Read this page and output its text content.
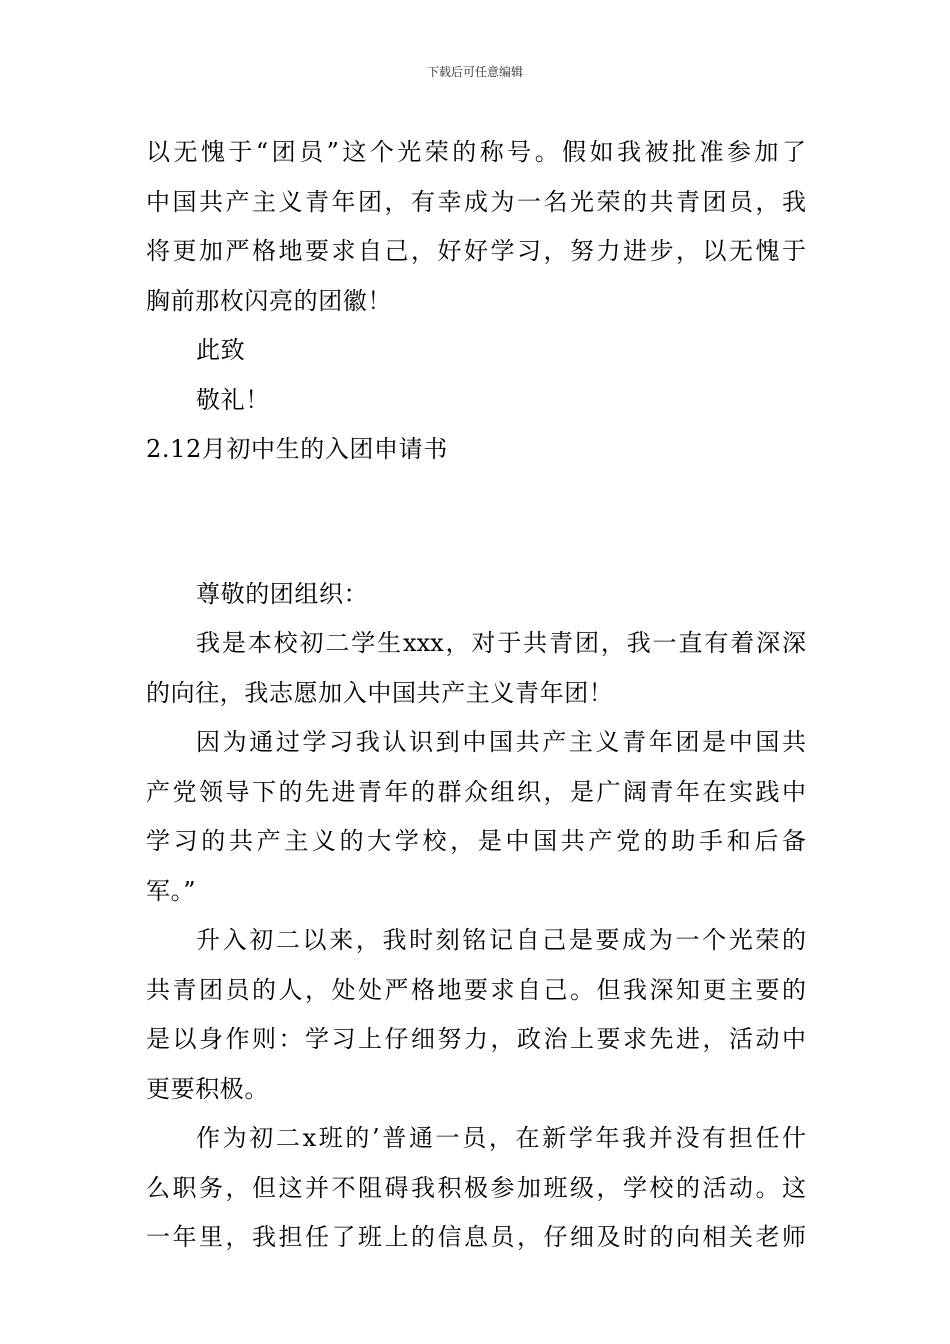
下载后可任意编辑
以无愧于“团员”这个光荣的称号。假如我被批准参加了
中国共产主义青年团，有幸成为一名光荣的共青团员，我
将更加严格地要求自己，好好学习，努力进步，以无愧于
胸前那枚闪亮的团徽！
此致
敬礼！
2.12月初中生的入团申请书
尊敬的团组织：
我是本校初二学生xxx，对于共青团，我一直有着深深
的向往，我志愿加入中国共产主义青年团！
因为通过学习我认识到中国共产主义青年团是中国共
产党领导下的先进青年的群众组织，是广阔青年在实践中
学习的共产主义的大学校，是中国共产党的助手和后备
军。”
升入初二以来，我时刻铭记自己是要成为一个光荣的
共青团员的人，处处严格地要求自己。但我深知更主要的
是以身作则：学习上仔细努力，政治上要求先进，活动中
更要积极。
作为初二x班的’普通一员，在新学年我并没有担任什
么职务，但这并不阻碍我积极参加班级，学校的活动。这
一年里，我担任了班上的信息员，仔细及时的向相关老师
